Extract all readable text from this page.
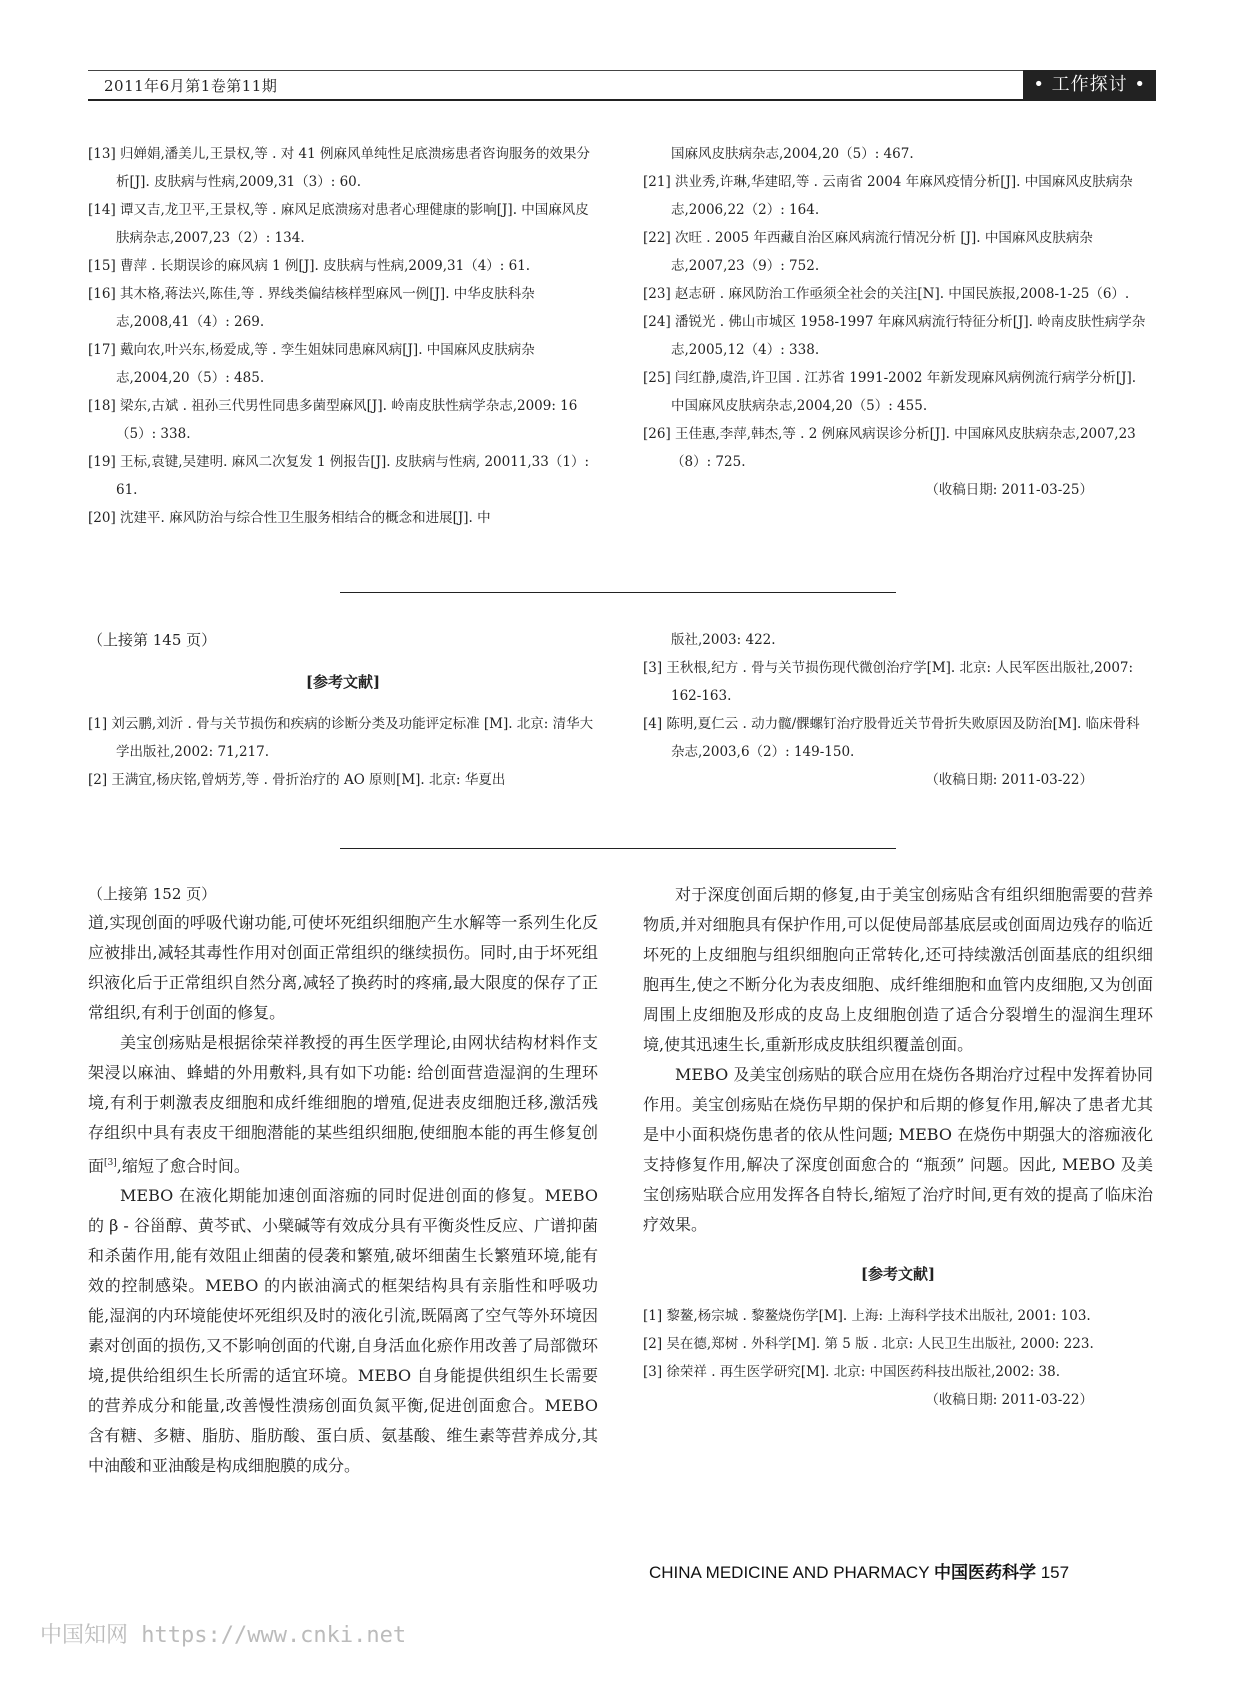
2011年6月第1卷第11期	• 工作探讨 •
[13] 归婵娟,潘美儿,王景权,等 . 对 41 例麻风单纯性足底溃疡患者咨询服务的效果分析[J]. 皮肤病与性病,2009,31（3）: 60.
[14] 谭又吉,龙卫平,王景权,等 . 麻风足底溃疡对患者心理健康的影响[J]. 中国麻风皮肤病杂志,2007,23（2）: 134.
[15] 曹萍 . 长期误诊的麻风病 1 例[J]. 皮肤病与性病,2009,31（4）: 61.
[16] 其木格,蒋法兴,陈佳,等 . 界线类偏结核样型麻风一例[J]. 中华皮肤科杂志,2008,41（4）: 269.
[17] 戴向农,叶兴东,杨爱成,等 . 孪生姐妹同患麻风病[J]. 中国麻风皮肤病杂志,2004,20（5）: 485.
[18] 梁东,古斌 . 祖孙三代男性同患多菌型麻风[J]. 岭南皮肤性病学杂志,2009: 16（5）: 338.
[19] 王标,袁键,吴建明. 麻风二次复发 1 例报告[J]. 皮肤病与性病, 20011,33（1）: 61.
[20] 沈建平. 麻风防治与综合性卫生服务相结合的概念和进展[J]. 中
国麻风皮肤病杂志,2004,20（5）: 467.
[21] 洪业秀,许琳,华建昭,等 . 云南省 2004 年麻风疫情分析[J]. 中国麻风皮肤病杂志,2006,22（2）: 164.
[22] 次旺 . 2005 年西藏自治区麻风病流行情况分析 [J]. 中国麻风皮肤病杂志,2007,23（9）: 752.
[23] 赵志研 . 麻风防治工作亟须全社会的关注[N]. 中国民族报,2008-1-25（6）.
[24] 潘锐光 . 佛山市城区 1958-1997 年麻风病流行特征分析[J]. 岭南皮肤性病学杂志,2005,12（4）: 338.
[25] 闫红静,虞浩,许卫国 . 江苏省 1991-2002 年新发现麻风病例流行病学分析[J]. 中国麻风皮肤病杂志,2004,20（5）: 455.
[26] 王佳惠,李萍,韩杰,等 . 2 例麻风病误诊分析[J]. 中国麻风皮肤病杂志,2007,23（8）: 725.
（收稿日期: 2011-03-25）
（上接第 145 页）
[参考文献]
[1] 刘云鹏,刘沂 . 骨与关节损伤和疾病的诊断分类及功能评定标准 [M]. 北京: 清华大学出版社,2002: 71,217.
[2] 王满宜,杨庆铭,曾炳芳,等 . 骨折治疗的 AO 原则[M]. 北京: 华夏出
版社,2003: 422.
[3] 王秋根,纪方 . 骨与关节损伤现代微创治疗学[M]. 北京: 人民军医出版社,2007: 162-163.
[4] 陈明,夏仁云 . 动力髋/髁螺钉治疗股骨近关节骨折失败原因及防治[M]. 临床骨科杂志,2003,6（2）: 149-150.
（收稿日期: 2011-03-22）
（上接第 152 页）

道,实现创面的呼吸代谢功能,可使坏死组织细胞产生水解等一系列生化反应被排出,减轻其毒性作用对创面正常组织的继续损伤。同时,由于坏死组织液化后于正常组织自然分离,减轻了换药时的疼痛,最大限度的保存了正常组织,有利于创面的修复。

美宝创疡贴是根据徐荣祥教授的再生医学理论,由网状结构材料作支架浸以麻油、蜂蜡的外用敷料,具有如下功能: 给创面营造湿润的生理环境,有利于刺激表皮细胞和成纤维细胞的增殖,促进表皮细胞迁移,激活残存组织中具有表皮干细胞潜能的某些组织细胞,使细胞本能的再生修复创面[3],缩短了愈合时间。

MEBO 在液化期能加速创面溶痂的同时促进创面的修复。MEBO 的 β - 谷甾醇、黄芩甙、小檗碱等有效成分具有平衡炎性反应、广谱抑菌和杀菌作用,能有效阻止细菌的侵袭和繁殖,破坏细菌生长繁殖环境,能有效的控制感染。MEBO 的内嵌油滴式的框架结构具有亲脂性和呼吸功能,湿润的内环境能使坏死组织及时的液化引流,既隔离了空气等外环境因素对创面的损伤,又不影响创面的代谢,自身活血化瘀作用改善了局部微环境,提供给组织生长所需的适宜环境。MEBO 自身能提供组织生长需要的营养成分和能量,改善慢性溃疡创面负氮平衡,促进创面愈合。MEBO 含有糖、多糖、脂肪、脂肪酸、蛋白质、氨基酸、维生素等营养成分,其中油酸和亚油酸是构成细胞膜的成分。

对于深度创面后期的修复,由于美宝创疡贴含有组织细胞需要的营养物质,并对细胞具有保护作用,可以促使局部基底层或创面周边残存的临近坏死的上皮细胞与组织细胞向正常转化,还可持续激活创面基底的组织细胞再生,使之不断分化为表皮细胞、成纤维细胞和血管内皮细胞,又为创面周围上皮细胞及形成的皮岛上皮细胞创造了适合分裂增生的湿润生理环境,使其迅速生长,重新形成皮肤组织覆盖创面。

MEBO 及美宝创疡贴的联合应用在烧伤各期治疗过程中发挥着协同作用。美宝创疡贴在烧伤早期的保护和后期的修复作用,解决了患者尤其是中小面积烧伤患者的依从性问题; MEBO 在烧伤中期强大的溶痂液化支持修复作用,解决了深度创面愈合的 “瓶颈” 问题。因此, MEBO 及美宝创疡贴联合应用发挥各自特长,缩短了治疗时间,更有效的提高了临床治疗效果。

[参考文献]
[1] 黎鳌,杨宗城 . 黎鳌烧伤学[M]. 上海: 上海科学技术出版社, 2001: 103.
[2] 吴在德,郑树 . 外科学[M]. 第 5 版 . 北京: 人民卫生出版社, 2000: 223.
[3] 徐荣祥 . 再生医学研究[M]. 北京: 中国医药科技出版社,2002: 38.
（收稿日期: 2011-03-22）
CHINA MEDICINE AND PHARMACY 中国医药科学 157
中国知网 https://www.cnki.net
